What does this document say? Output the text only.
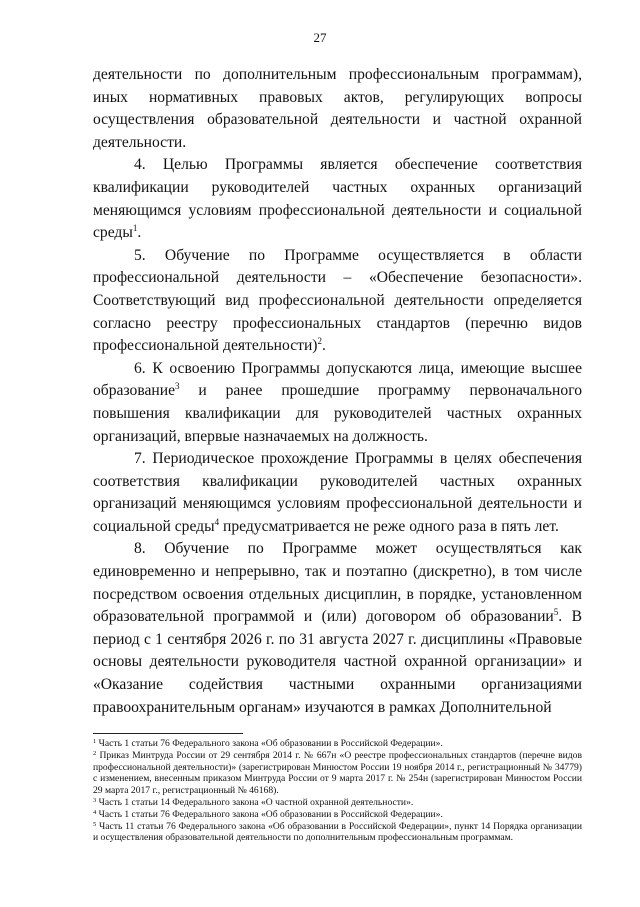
27

деятельности по дополнительным профессиональным программам), иных нормативных правовых актов, регулирующих вопросы осуществления образовательной деятельности и частной охранной деятельности.

4. Целью Программы является обеспечение соответствия квалификации руководителей частных охранных организаций меняющимся условиям профессиональной деятельности и социальной среды$^1$.

5. Обучение по Программе осуществляется в области профессиональной деятельности – «Обеспечение безопасности». Соответствующий вид профессиональной деятельности определяется согласно реестру профессиональных стандартов (перечню видов профессиональной деятельности)$^2$.

6. К освоению Программы допускаются лица, имеющие высшее образование$^3$ и ранее прошедшие программу первоначального повышения квалификации для руководителей частных охранных организаций, впервые назначаемых на должность.

7. Периодическое прохождение Программы в целях обеспечения соответствия квалификации руководителей частных охранных организаций меняющимся условиям профессиональной деятельности и социальной среды$^4$ предусматривается не реже одного раза в пять лет.

8. Обучение по Программе может осуществляться как единовременно и непрерывно, так и поэтапно (дискретно), в том числе посредством освоения отдельных дисциплин, в порядке, установленном образовательной программой и (или) договором об образовании$^5$. В период с 1 сентября 2026 г. по 31 августа 2027 г. дисциплины «Правовые основы деятельности руководителя частной охранной организации» и «Оказание содействия частными охранными организациями правоохранительным органам» изучаются в рамках Дополнительной

$^1$ Часть 1 статьи 76 Федерального закона «Об образовании в Российской Федерации».

$^2$ Приказ Минтруда России от 29 сентября 2014 г. № 667н «О реестре профессиональных стандартов (перечне видов профессиональной деятельности)» (зарегистрирован Минюстом России 19 ноября 2014 г., регистрационный № 34779) с изменением, внесенным приказом Минтруда России от 9 марта 2017 г. № 254н (зарегистрирован Минюстом России 29 марта 2017 г., регистрационный № 46168).

$^3$ Часть 1 статьи 14 Федерального закона «О частной охранной деятельности».

$^4$ Часть 1 статьи 76 Федерального закона «Об образовании в Российской Федерации».

$^5$ Часть 11 статьи 76 Федерального закона «Об образовании в Российской Федерации», пункт 14 Порядка организации и осуществления образовательной деятельности по дополнительным профессиональным программам.
